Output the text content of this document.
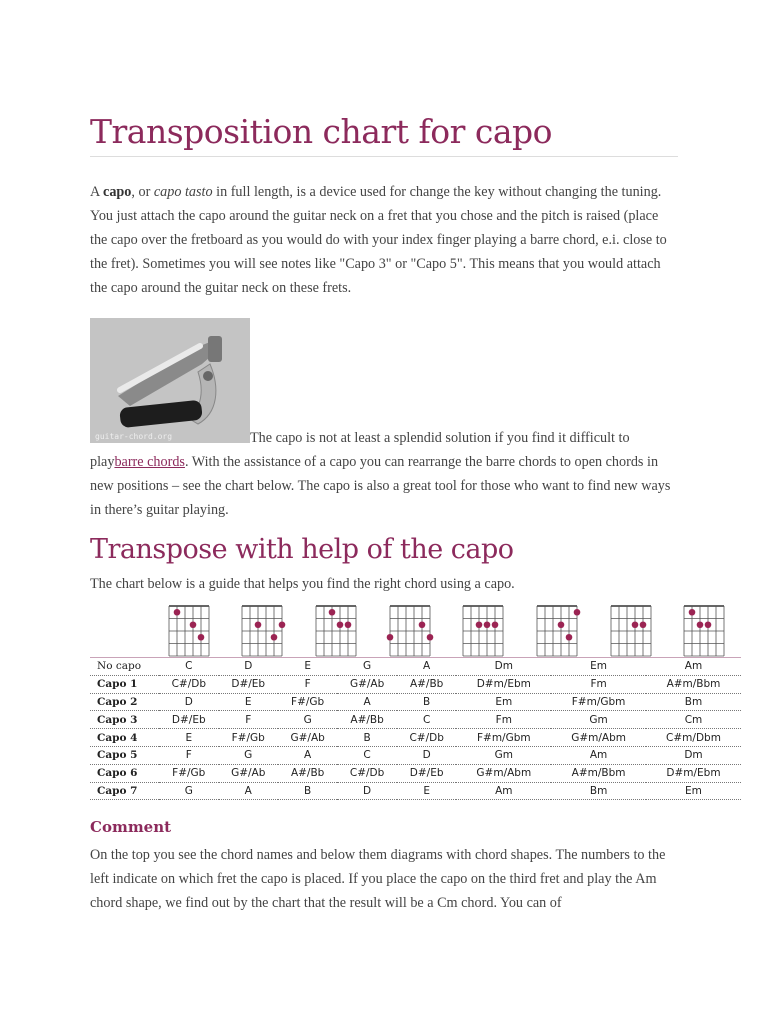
Transposition chart for capo
A capo, or capo tasto in full length, is a device used for change the key without changing the tuning. You just attach the capo around the guitar neck on a fret that you chose and the pitch is raised (place the capo over the fretboard as you would do with your index finger playing a barre chord, e.i. close to the fret). Sometimes you will see notes like "Capo 3" or "Capo 5". This means that you would attach the capo around the guitar neck on these frets.
guitar-chord.org	The capo is not at least a splendid solution if you find it difficult to playbarre chords. With the assistance of a capo you can rearrange the barre chords to open chords in new positions – see the chart below. The capo is also a great tool for those who want to find new ways in there’s guitar playing.
Transpose with help of the capo
The chart below is a guide that helps you find the right chord using a capo.
No capo	C	D	E	G	A	Dm	Em	Am
Capo 1	C#/Db	D#/Eb	F	G#/Ab	A#/Bb	D#m/Ebm	Fm	A#m/Bbm
Capo 2	D	E	F#/Gb	A	B	Em	F#m/Gbm	Bm
Capo 3	D#/Eb	F	G	A#/Bb	C	Fm	Gm	Cm
Capo 4	E	F#/Gb	G#/Ab	B	C#/Db	F#m/Gbm	G#m/Abm	C#m/Dbm
Capo 5	F	G	A	C	D	Gm	Am	Dm
Capo 6	F#/Gb	G#/Ab	A#/Bb	C#/Db	D#/Eb	G#m/Abm	A#m/Bbm	D#m/Ebm
Capo 7	G	A	B	D	E	Am	Bm	Em
Comment
On the top you see the chord names and below them diagrams with chord shapes. The numbers to the left indicate on which fret the capo is placed. If you place the capo on the third fret and play the Am chord shape, we find out by the chart that the result will be a Cm chord. You can of
